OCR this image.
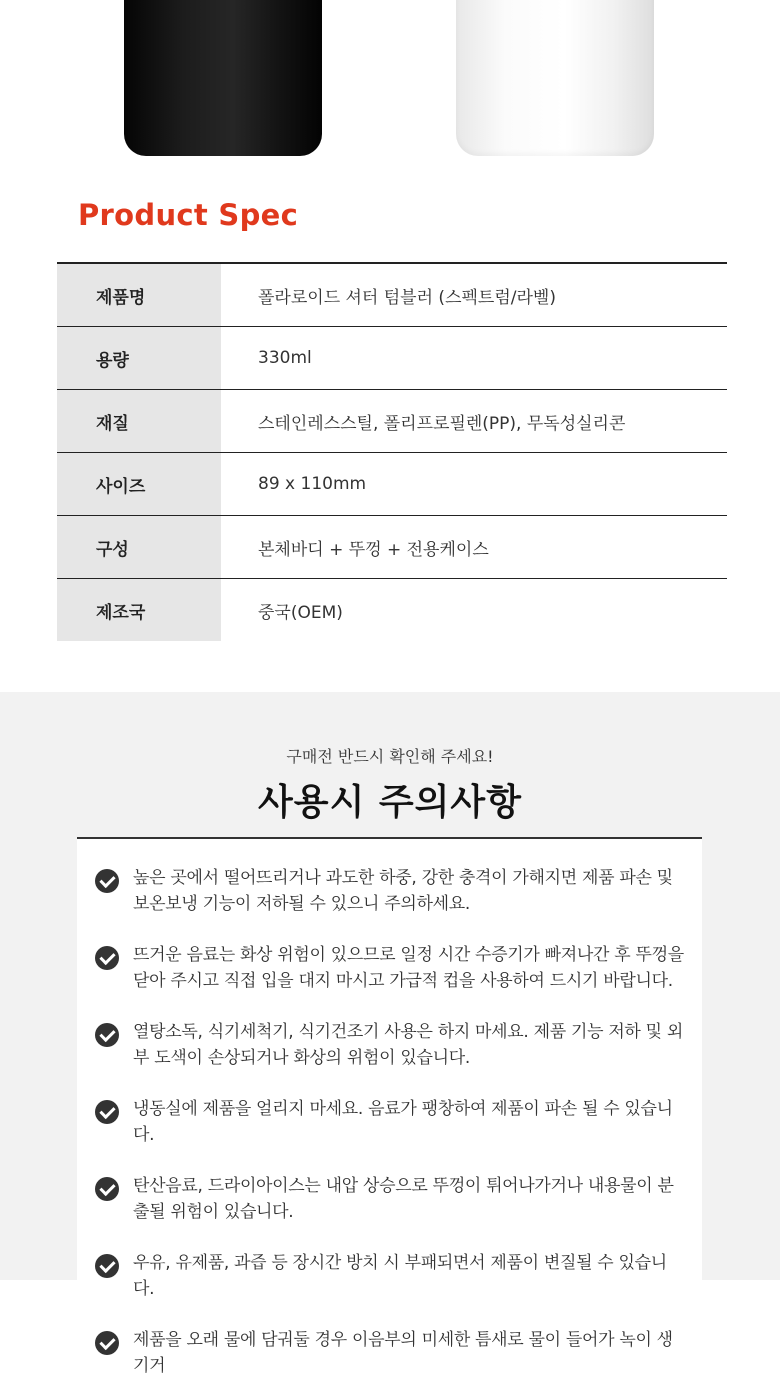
Product Spec
제품명	폴라로이드 셔터 텀블러 (스펙트럼/라벨)
용량	330ml
재질	스테인레스스틸, 폴리프로필렌(PP), 무독성실리콘
사이즈	89 x 110mm
구성	본체바디 + 뚜껑 + 전용케이스
제조국	중국(OEM)
구매전 반드시 확인해 주세요!
사용시 주의사항
높은 곳에서 떨어뜨리거나 과도한 하중, 강한 충격이 가해지면 제품 파손 및 보온보냉 기능이 저하될 수 있으니 주의하세요.
뜨거운 음료는 화상 위험이 있으므로 일정 시간 수증기가 빠져나간 후 뚜껑을 닫아 주시고 직접 입을 대지 마시고 가급적 컵을 사용하여 드시기 바랍니다.
열탕소독, 식기세척기, 식기건조기 사용은 하지 마세요. 제품 기능 저하 및 외부 도색이 손상되거나 화상의 위험이 있습니다.
냉동실에 제품을 얼리지 마세요. 음료가 팽창하여 제품이 파손 될 수 있습니다.
탄산음료, 드라이아이스는 내압 상승으로 뚜껑이 튀어나가거나 내용물이 분출될 위험이 있습니다.
우유, 유제품, 과즙 등 장시간 방치 시 부패되면서 제품이 변질될 수 있습니다.
제품을 오래 물에 담궈둘 경우 이음부의 미세한 틈새로 물이 들어가 녹이 생기거
